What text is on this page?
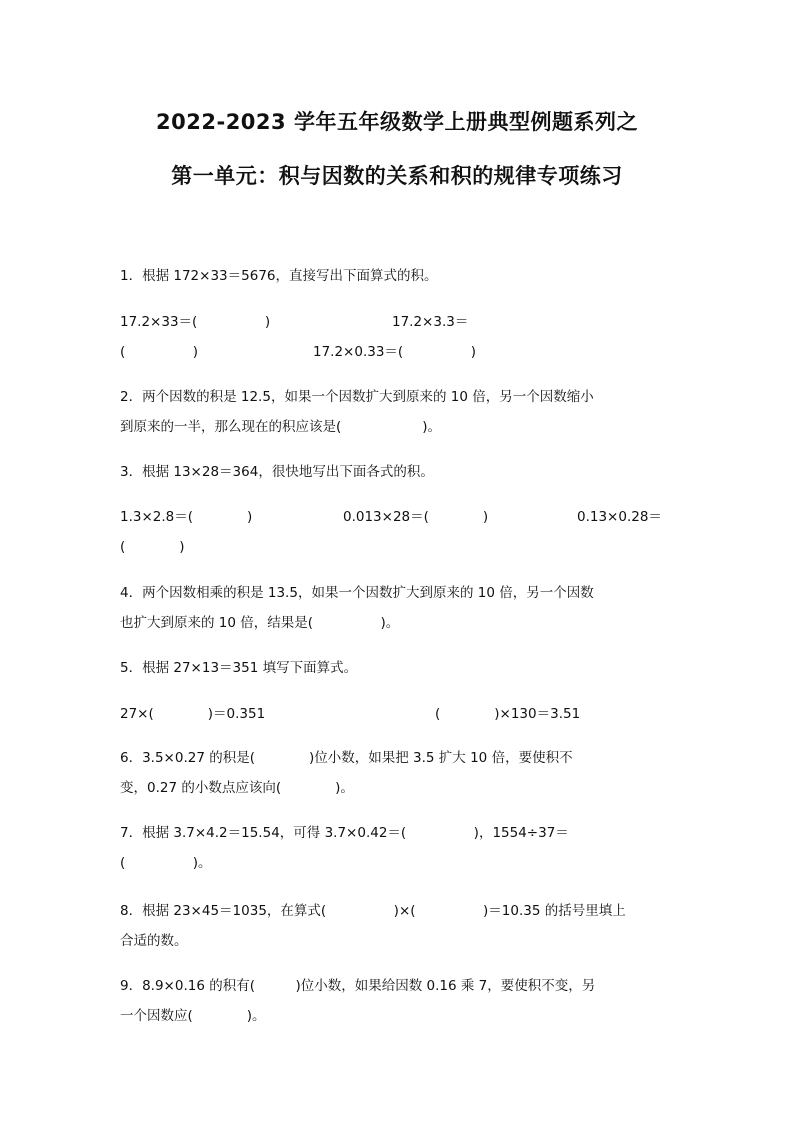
2022-2023 学年五年级数学上册典型例题系列之
第一单元：积与因数的关系和积的规律专项练习
1．根据 172×33＝5676，直接写出下面算式的积。
17.2×33＝(　　　　　)	17.2×3.3＝
(　　　　　)	17.2×0.33＝(　　　　　)
2．两个因数的积是 12.5，如果一个因数扩大到原来的 10 倍，另一个因数缩小
到原来的一半，那么现在的积应该是(　　　　　　)。
3．根据 13×28＝364，很快地写出下面各式的积。
1.3×2.8＝(　　　　)	0.013×28＝(　　　　)	0.13×0.28＝
(　　　　)
4．两个因数相乘的积是 13.5，如果一个因数扩大到原来的 10 倍，另一个因数
也扩大到原来的 10 倍，结果是(　　　　　)。
5．根据 27×13＝351 填写下面算式。
27×(　　　　)＝0.351	(　　　　)×130＝3.51
6．3.5×0.27 的积是(　　　　)位小数，如果把 3.5 扩大 10 倍，要使积不
变，0.27 的小数点应该向(　　　　)。
7．根据 3.7×4.2＝15.54，可得 3.7×0.42＝(　　　　　)，1554÷37＝
(　　　　　)。
8．根据 23×45＝1035，在算式(　　　　　)×(　　　　　)＝10.35 的括号里填上
合适的数。
9．8.9×0.16 的积有(　　　)位小数，如果给因数 0.16 乘 7，要使积不变，另
一个因数应(　　　　)。
